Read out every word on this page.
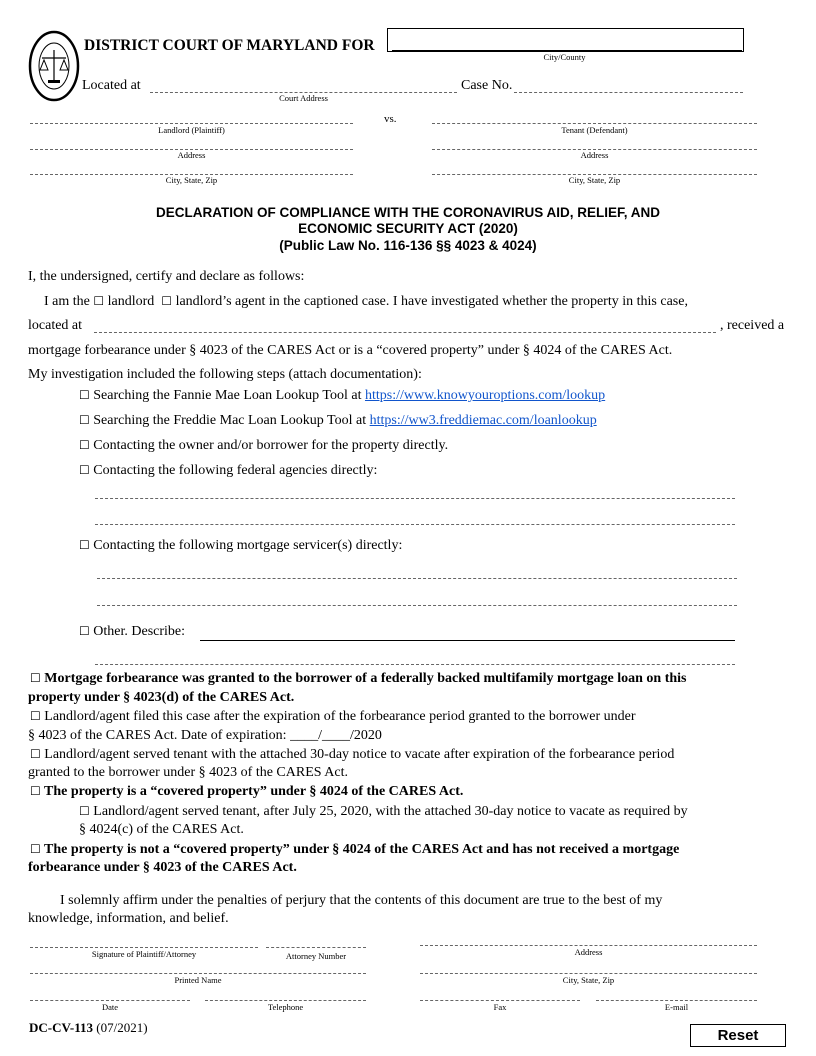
DISTRICT COURT OF MARYLAND FOR
City/County
Located at
Court Address
Case No.
Landlord (Plaintiff)
vs.
Tenant (Defendant)
Address	Address
City, State, Zip	City, State, Zip
DECLARATION OF COMPLIANCE WITH THE CORONAVIRUS AID, RELIEF, AND
ECONOMIC SECURITY ACT (2020)
(Public Law No. 116-136 §§ 4023 & 4024)
I, the undersigned, certify and declare as follows:
I am the ☐ landlord ☐ landlord’s agent in the captioned case. I have investigated whether the property in this case,
located at	, received a
mortgage forbearance under § 4023 of the CARES Act or is a “covered property” under § 4024 of the CARES Act.
My investigation included the following steps (attach documentation):
☐ Searching the Fannie Mae Loan Lookup Tool at https://www.knowyouroptions.com/lookup
☐ Searching the Freddie Mac Loan Lookup Tool at https://ww3.freddiemac.com/loanlookup
☐ Contacting the owner and/or borrower for the property directly.
☐ Contacting the following federal agencies directly:
☐ Contacting the following mortgage servicer(s) directly:
☐ Other. Describe:
☐ Mortgage forbearance was granted to the borrower of a federally backed multifamily mortgage loan on this
property under § 4023(d) of the CARES Act.
☐ Landlord/agent filed this case after the expiration of the forbearance period granted to the borrower under
§ 4023 of the CARES Act. Date of expiration: ____/____/2020
☐ Landlord/agent served tenant with the attached 30-day notice to vacate after expiration of the forbearance period
granted to the borrower under § 4023 of the CARES Act.
☐ The property is a “covered property” under § 4024 of the CARES Act.
☐ Landlord/agent served tenant, after July 25, 2020, with the attached 30-day notice to vacate as required by
§ 4024(c) of the CARES Act.
☐ The property is not a “covered property” under § 4024 of the CARES Act and has not received a mortgage
forbearance under § 4023 of the CARES Act.
I solemnly affirm under the penalties of perjury that the contents of this document are true to the best of my
knowledge, information, and belief.
Signature of Plaintiff/Attorney	Attorney Number	Address
Printed Name	City, State, Zip
Date	Telephone	Fax	E-mail
DC-CV-113 (07/2021)	Reset
